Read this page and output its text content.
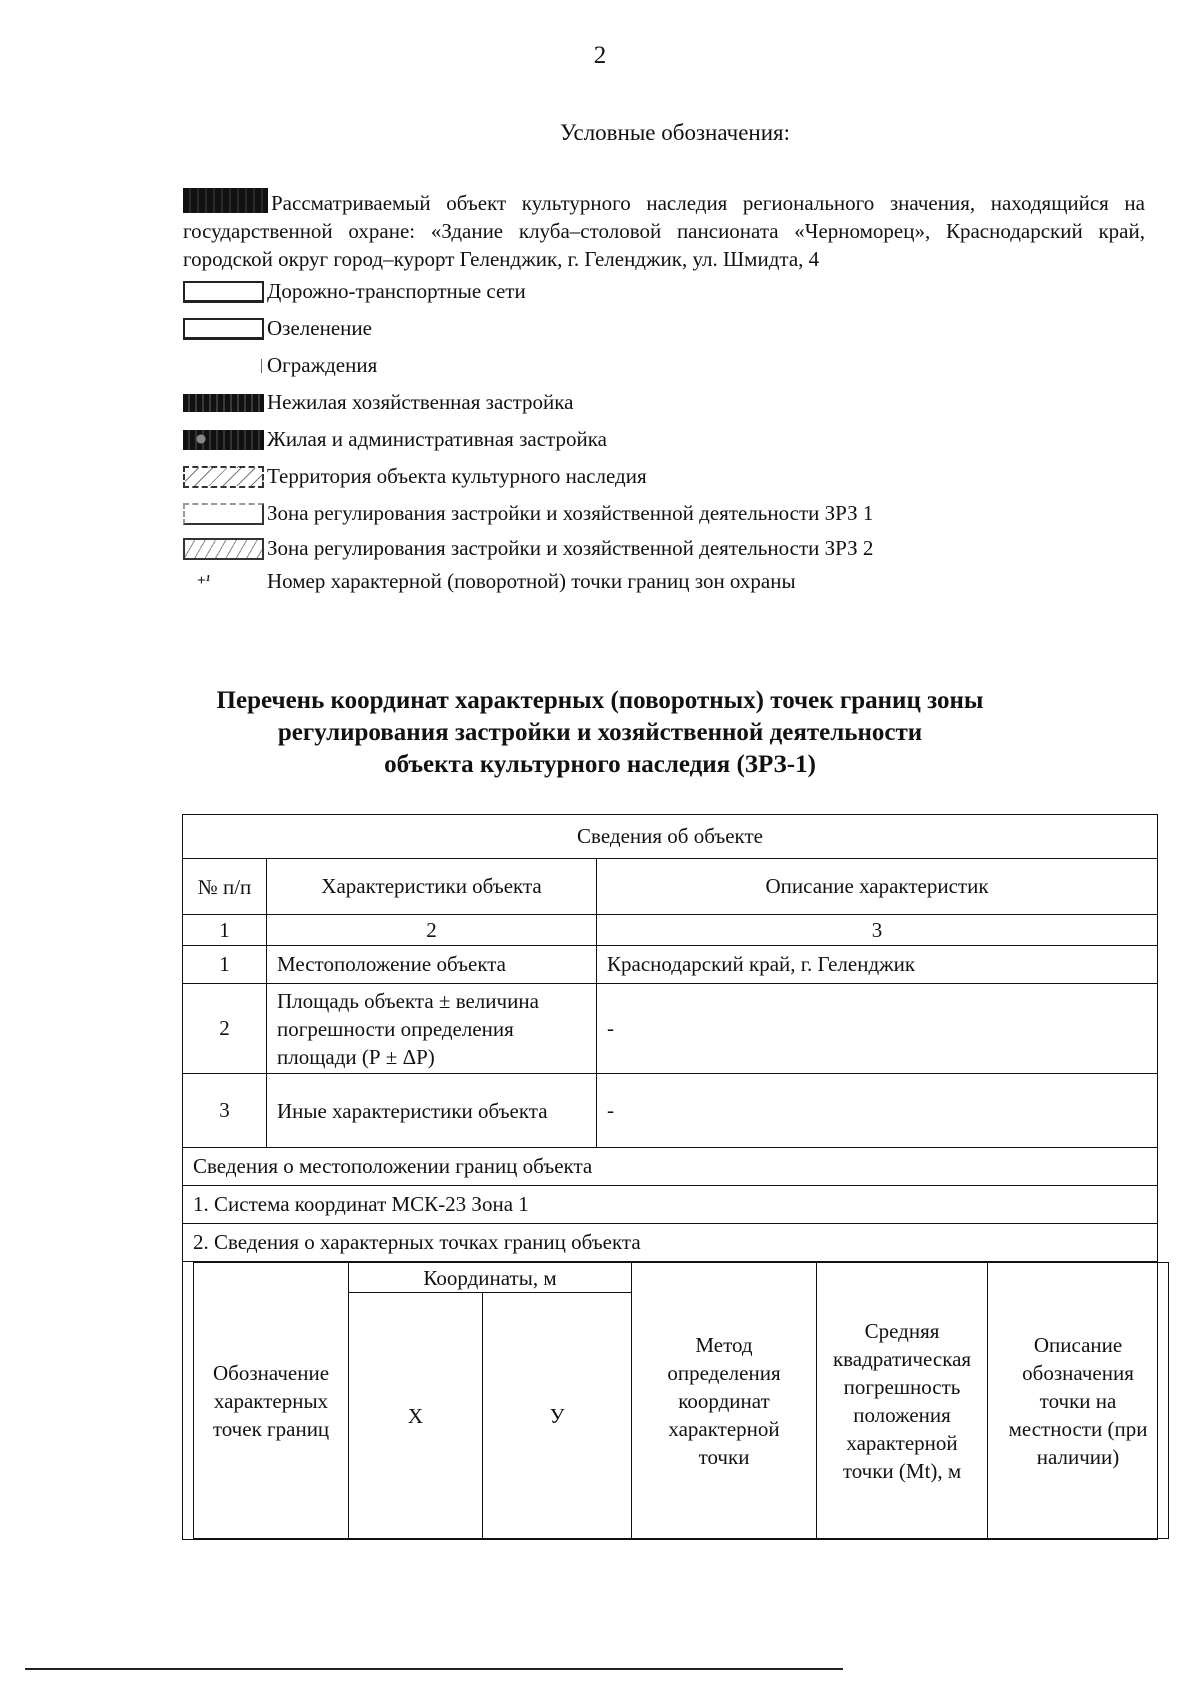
2
Условные обозначения:
Рассматриваемый объект культурного наследия регионального значения, находящийся на государственной охране: «Здание клуба–столовой пансионата «Черноморец», Краснодарский край, городской округ город–курорт Геленджик, г. Геленджик, ул. Шмидта, 4
Дорожно-транспортные сети
Озеленение
Ограждения
Нежилая хозяйственная застройка
Жилая и административная застройка
Территория объекта культурного наследия
Зона регулирования застройки и хозяйственной деятельности ЗРЗ 1
Зона регулирования застройки и хозяйственной деятельности ЗРЗ 2
+¹	Номер характерной (поворотной) точки границ зон охраны
Перечень координат характерных (поворотных) точек границ зоны
регулирования застройки и хозяйственной деятельности
объекта культурного наследия (ЗРЗ-1)
Сведения об объекте
№ п/п	Характеристики объекта	Описание характеристик
1	2	3
1	Местоположение объекта	Краснодарский край, г. Геленджик
2	Площадь объекта ± величина погрешности определения площади (Р ± ΔР)	-
3	Иные характеристики объекта	-
Сведения о местоположении границ объекта
1. Система координат МСК-23 Зона 1
2. Сведения о характерных точках границ объекта

Обозначение характерных точек границ	Координаты, м	Метод определения координат характерной точки	Средняя квадратическая погрешность положения характерной точки (Mt), м	Описание обозначения точки на местности (при наличии)
Х	У
